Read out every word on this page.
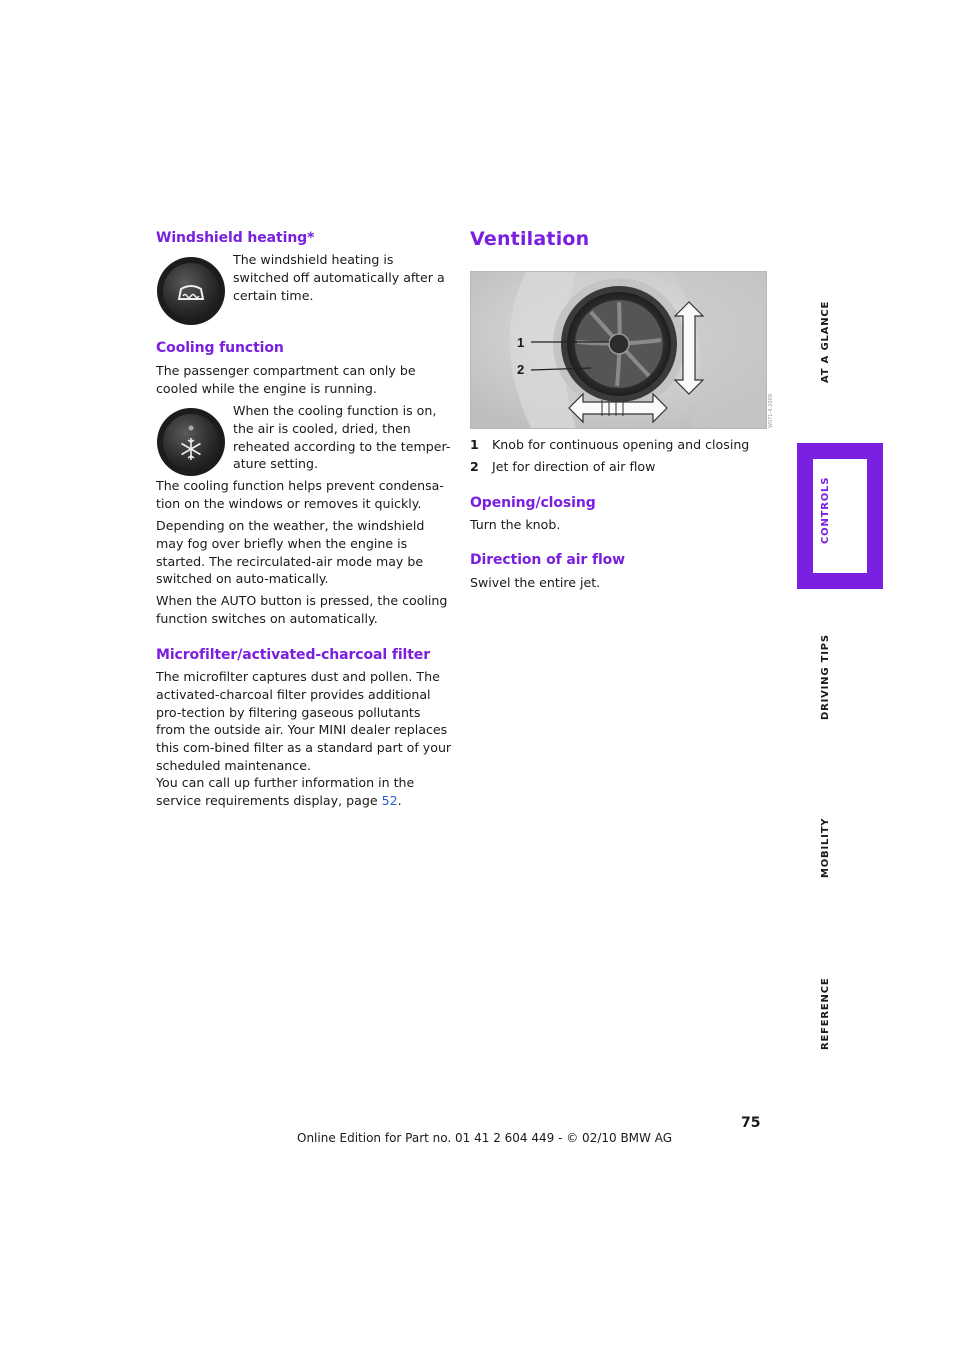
Windshield heating*
The windshield heating is switched off automatically after a certain time.
Cooling function
The passenger compartment can only be cooled while the engine is running.
When the cooling function is on, the air is cooled, dried, then reheated according to the temper-ature setting.
The cooling function helps prevent condensa-tion on the windows or removes it quickly.
Depending on the weather, the windshield may fog over briefly when the engine is started. The recirculated-air mode may be switched on auto-matically.
When the AUTO button is pressed, the cooling function switches on automatically.
Microfilter/activated-charcoal filter
The microfilter captures dust and pollen. The activated-charcoal filter provides additional pro-tection by filtering gaseous pollutants from the outside air. Your MINI dealer replaces this com-bined filter as a standard part of your scheduled maintenance.
You can call up further information in the service requirements display, page 52.
Ventilation
1
2
W071-4-2009
1 Knob for continuous opening and closing
2 Jet for direction of air flow
Opening/closing
Turn the knob.
Direction of air flow
Swivel the entire jet.
AT A GLANCE
CONTROLS
DRIVING TIPS
MOBILITY
REFERENCE
75
Online Edition for Part no. 01 41 2 604 449 - © 02/10 BMW AG
